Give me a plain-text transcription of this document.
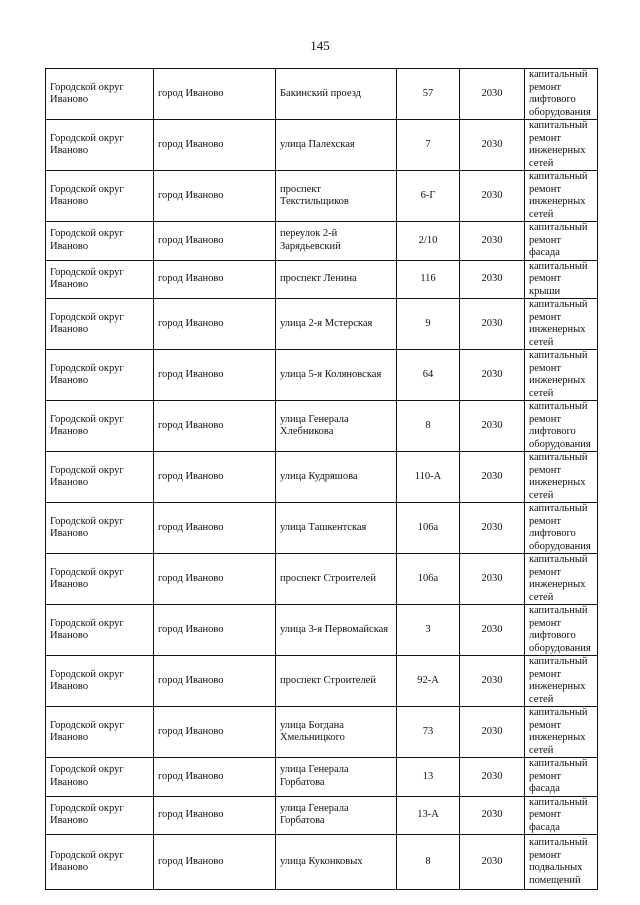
145
Городской округ Иваново	город Иваново	Бакинский проезд	57	2030	капитальный ремонт лифтового оборудования
Городской округ Иваново	город Иваново	улица Палехская	7	2030	капитальный ремонт инженерных сетей
Городской округ Иваново	город Иваново	проспект Текстильщиков	6-Г	2030	капитальный ремонт инженерных сетей
Городской округ Иваново	город Иваново	переулок 2-й Зарядьевский	2/10	2030	капитальный ремонт фасада
Городской округ Иваново	город Иваново	проспект Ленина	116	2030	капитальный ремонт крыши
Городской округ Иваново	город Иваново	улица 2-я Мстерская	9	2030	капитальный ремонт инженерных сетей
Городской округ Иваново	город Иваново	улица 5-я Коляновская	64	2030	капитальный ремонт инженерных сетей
Городской округ Иваново	город Иваново	улица Генерала Хлебникова	8	2030	капитальный ремонт лифтового оборудования
Городской округ Иваново	город Иваново	улица Кудряшова	110-А	2030	капитальный ремонт инженерных сетей
Городской округ Иваново	город Иваново	улица Ташкентская	106а	2030	капитальный ремонт лифтового оборудования
Городской округ Иваново	город Иваново	проспект Строителей	106а	2030	капитальный ремонт инженерных сетей
Городской округ Иваново	город Иваново	улица 3-я Первомайская	3	2030	капитальный ремонт лифтового оборудования
Городской округ Иваново	город Иваново	проспект Строителей	92-А	2030	капитальный ремонт инженерных сетей
Городской округ Иваново	город Иваново	улица Богдана Хмельницкого	73	2030	капитальный ремонт инженерных сетей
Городской округ Иваново	город Иваново	улица Генерала Горбатова	13	2030	капитальный ремонт фасада
Городской округ Иваново	город Иваново	улица Генерала Горбатова	13-А	2030	капитальный ремонт фасада
Городской округ Иваново	город Иваново	улица Куконковых	8	2030	капитальный ремонт подвальных помещений
